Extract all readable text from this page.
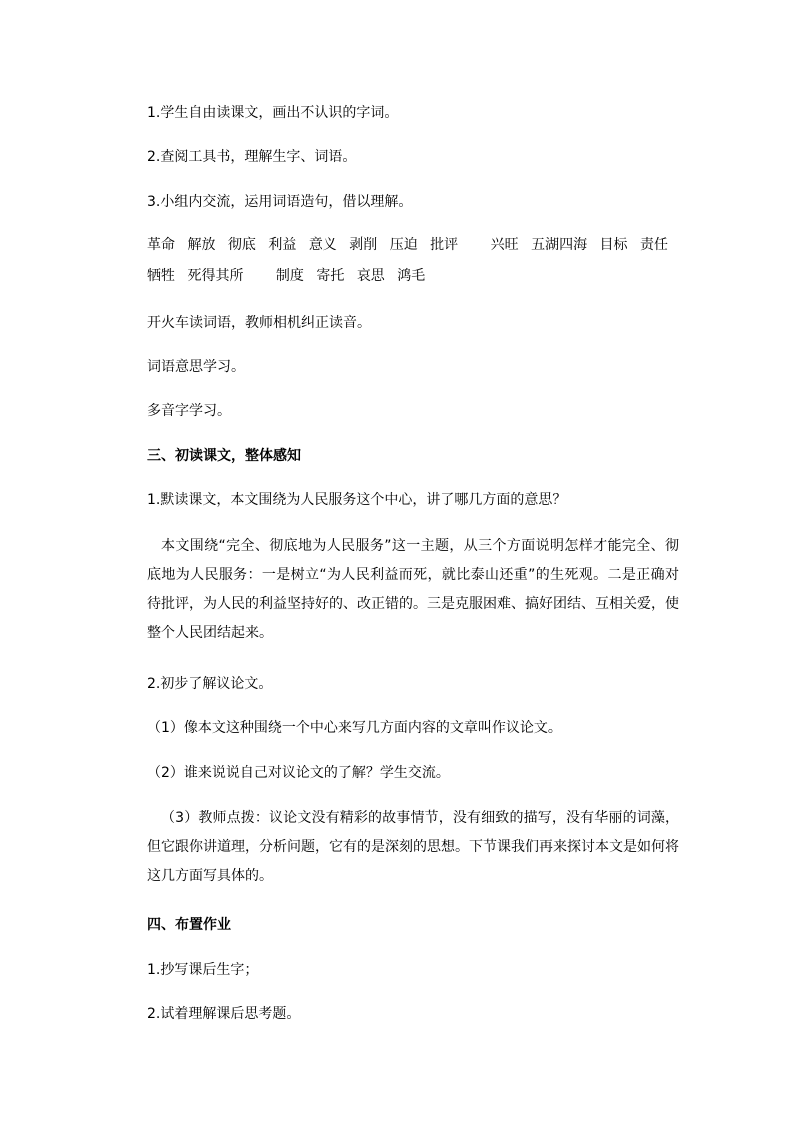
1.学生自由读课文，画出不认识的字词。

2.查阅工具书，理解生字、词语。

3.小组内交流，运用词语造句，借以理解。

革命 解放 彻底 利益 意义 剥削 压迫 批评 兴旺 五湖四海 目标 责任
牺牲 死得其所 制度 寄托 哀思 鸿毛

开火车读词语，教师相机纠正读音。

词语意思学习。

多音字学习。

三、初读课文，整体感知

1.默读课文，本文围绕为人民服务这个中心，讲了哪几方面的意思？

本文围绕“完全、彻底地为人民服务”这一主题，从三个方面说明怎样才能完全、彻底地为人民服务：一是树立“为人民利益而死，就比泰山还重”的生死观。二是正确对待批评，为人民的利益坚持好的、改正错的。三是克服困难、搞好团结、互相关爱，使整个人民团结起来。

2.初步了解议论文。

（1）像本文这种围绕一个中心来写几方面内容的文章叫作议论文。

（2）谁来说说自己对议论文的了解？学生交流。

（3）教师点拨：议论文没有精彩的故事情节，没有细致的描写，没有华丽的词藻，但它跟你讲道理，分析问题，它有的是深刻的思想。下节课我们再来探讨本文是如何将这几方面写具体的。

四、布置作业

1.抄写课后生字；

2.试着理解课后思考题。
